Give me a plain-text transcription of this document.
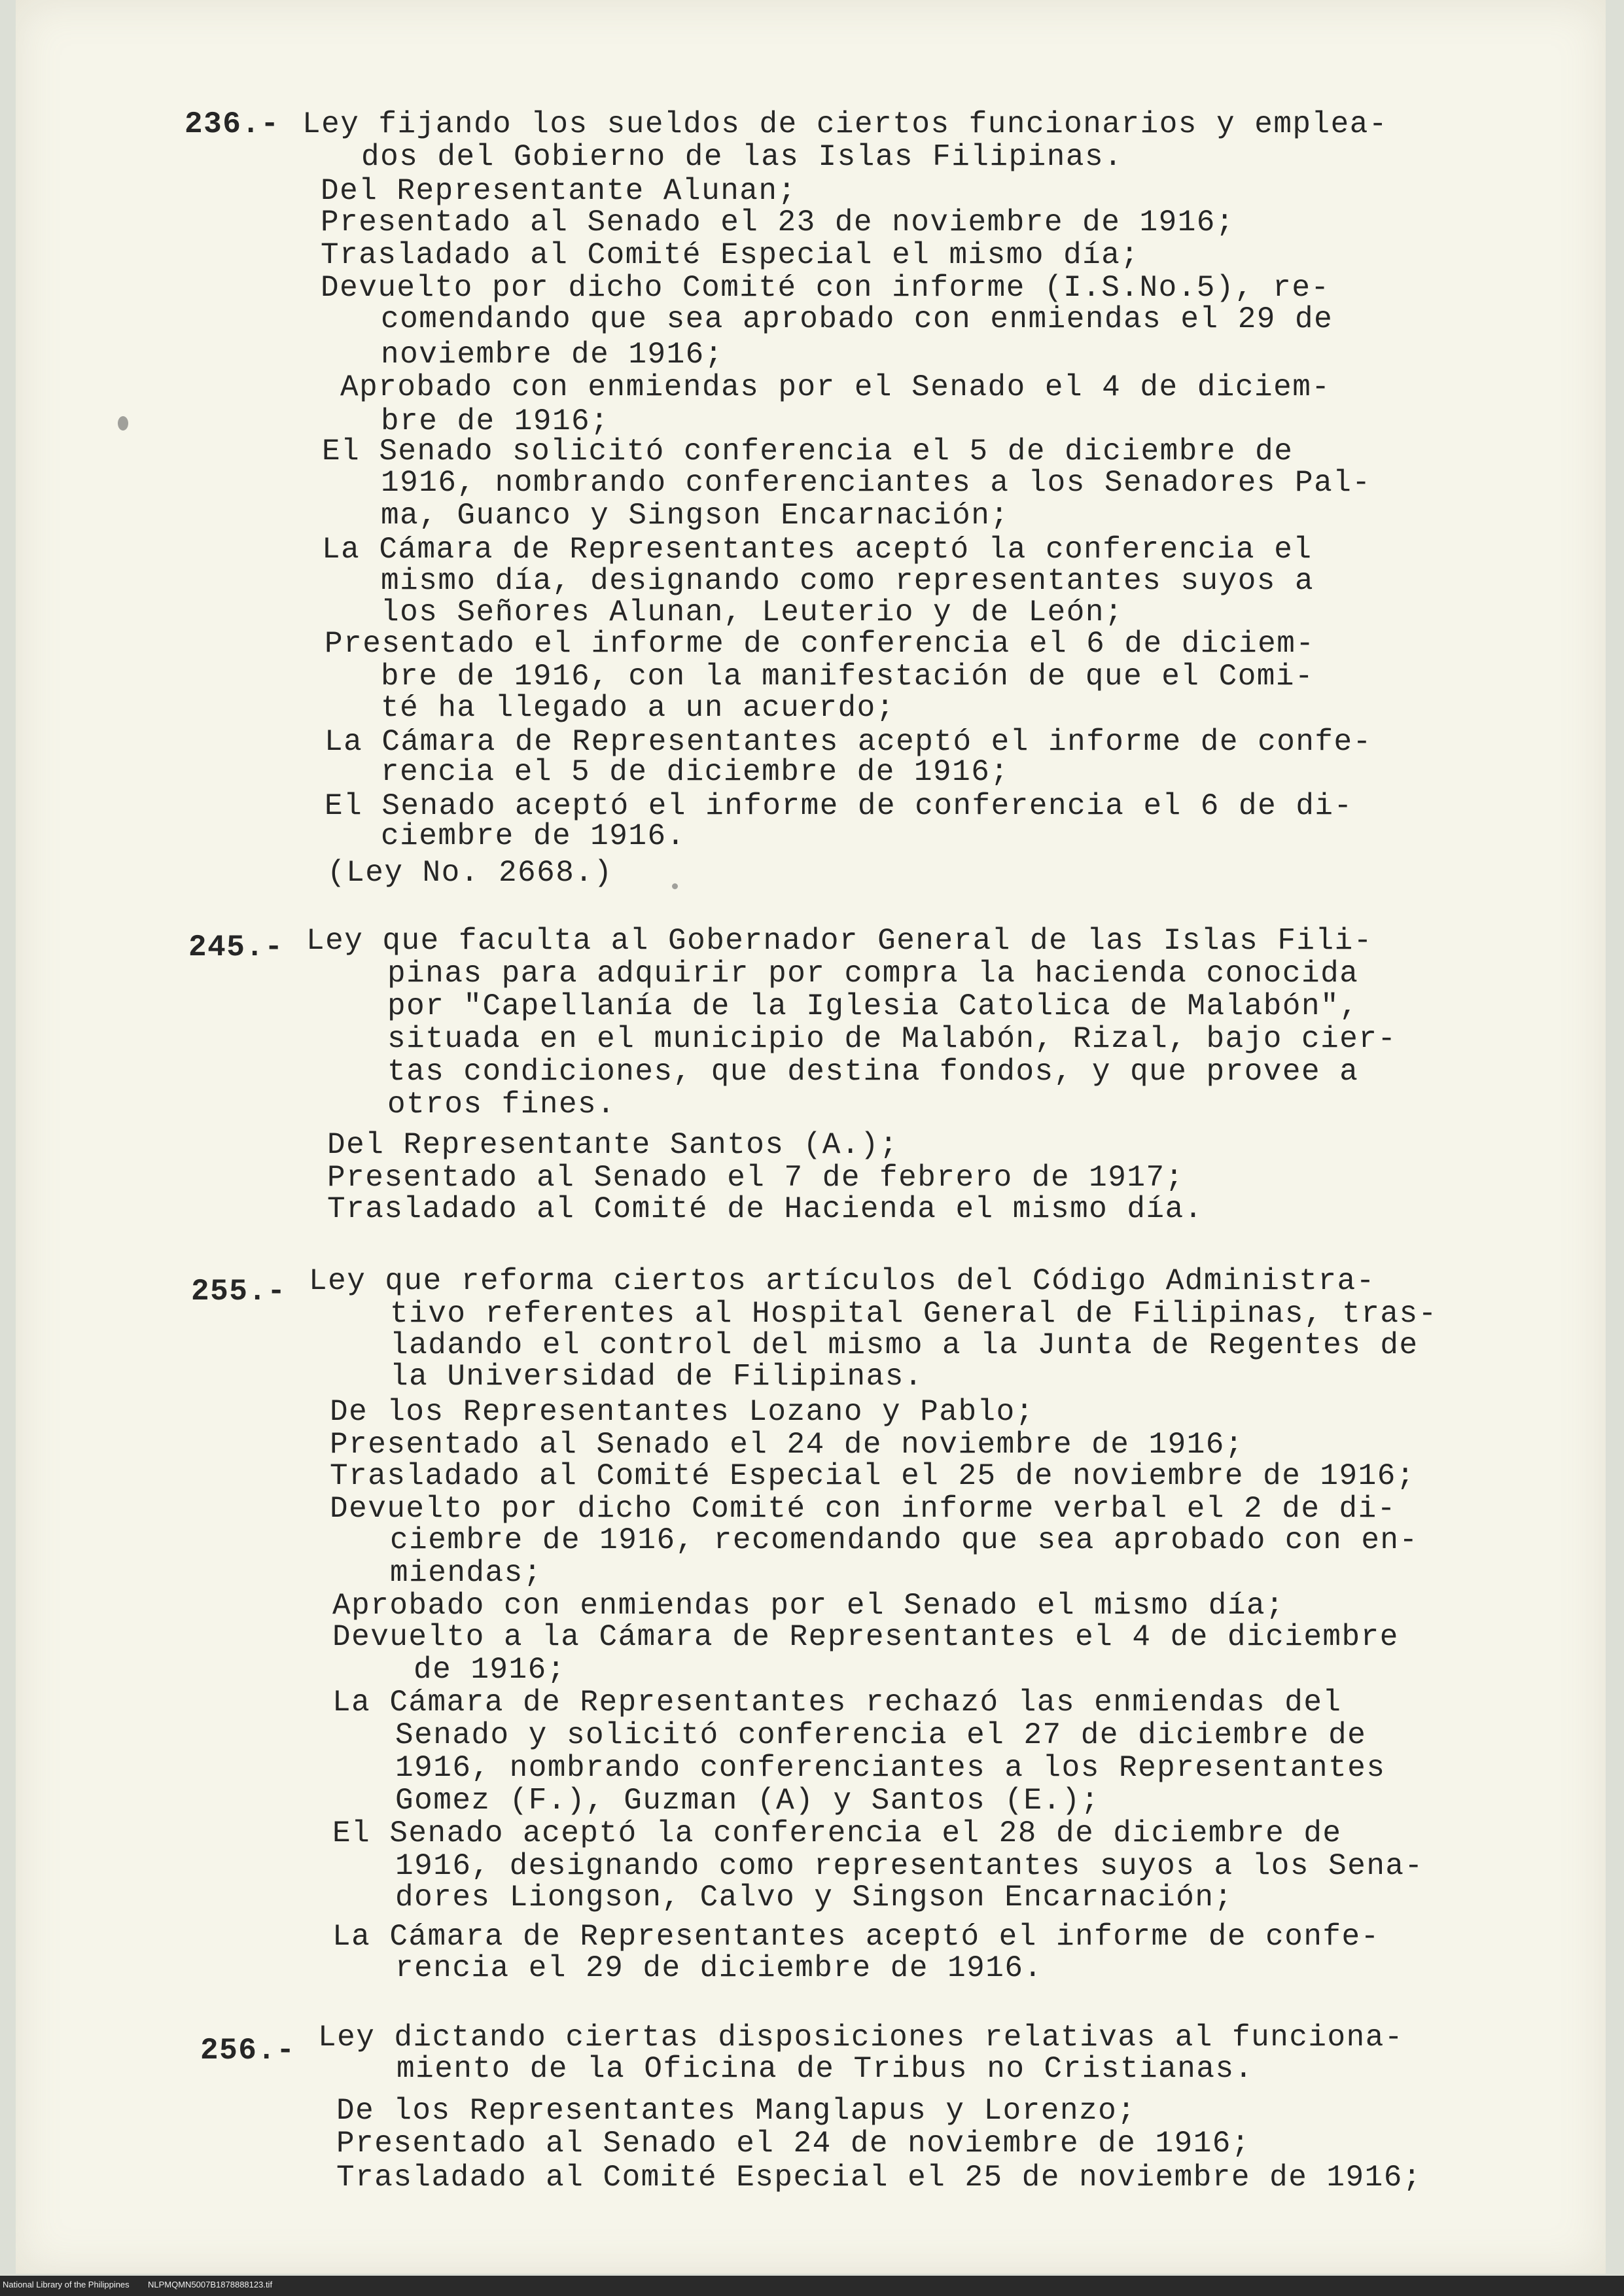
236.- Ley fijando los sueldos de ciertos funcionarios y emplea-
dos del Gobierno de las Islas Filipinas.
Del Representante Alunan;
Presentado al Senado el 23 de noviembre de 1916;
Trasladado al Comité Especial el mismo día;
Devuelto por dicho Comité con informe (I.S.No.5), re-
comendando que sea aprobado con enmiendas el 29 de
noviembre de 1916;
Aprobado con enmiendas por el Senado el 4 de diciem-
bre de 1916;
El Senado solicitó conferencia el 5 de diciembre de
1916, nombrando conferenciantes a los Senadores Pal-
ma, Guanco y Singson Encarnación;
La Cámara de Representantes aceptó la conferencia el
mismo día, designando como representantes suyos a
los Señores Alunan, Leuterio y de León;
Presentado el informe de conferencia el 6 de diciem-
bre de 1916, con la manifestación de que el Comi-
té ha llegado a un acuerdo;
La Cámara de Representantes aceptó el informe de confe-
rencia el 5 de diciembre de 1916;
El Senado aceptó el informe de conferencia el 6 de di-
ciembre de 1916.
(Ley No. 2668.)
245.- Ley que faculta al Gobernador General de las Islas Fili-
pinas para adquirir por compra la hacienda conocida
por "Capellanía de la Iglesia Catolica de Malabón",
situada en el municipio de Malabón, Rizal, bajo cier-
tas condiciones, que destina fondos, y que provee a
otros fines.
Del Representante Santos (A.);
Presentado al Senado el 7 de febrero de 1917;
Trasladado al Comité de Hacienda el mismo día.
255.- Ley que reforma ciertos artículos del Código Administra-
tivo referentes al Hospital General de Filipinas, tras-
ladando el control del mismo a la Junta de Regentes de
la Universidad de Filipinas.
De los Representantes Lozano y Pablo;
Presentado al Senado el 24 de noviembre de 1916;
Trasladado al Comité Especial el 25 de noviembre de 1916;
Devuelto por dicho Comité con informe verbal el 2 de di-
ciembre de 1916, recomendando que sea aprobado con en-
miendas;
Aprobado con enmiendas por el Senado el mismo día;
Devuelto a la Cámara de Representantes el 4 de diciembre
de 1916;
La Cámara de Representantes rechazó las enmiendas del
Senado y solicitó conferencia el 27 de diciembre de
1916, nombrando conferenciantes a los Representantes
Gomez (F.), Guzman (A) y Santos (E.);
El Senado aceptó la conferencia el 28 de diciembre de
1916, designando como representantes suyos a los Sena-
dores Liongson, Calvo y Singson Encarnación;
La Cámara de Representantes aceptó el informe de confe-
rencia el 29 de diciembre de 1916.
256.- Ley dictando ciertas disposiciones relativas al funciona-
miento de la Oficina de Tribus no Cristianas.
De los Representantes Manglapus y Lorenzo;
Presentado al Senado el 24 de noviembre de 1916;
Trasladado al Comité Especial el 25 de noviembre de 1916;
National Library of the Philippines NLPMQMN5007B1878888123.tif
